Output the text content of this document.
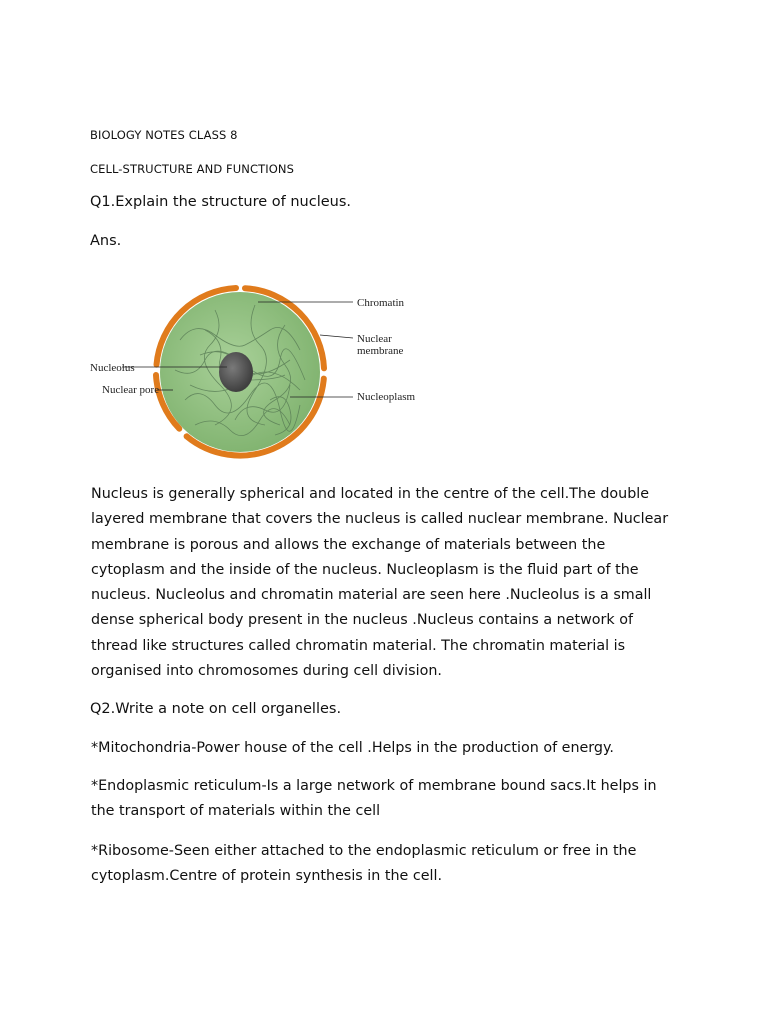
BIOLOGY NOTES CLASS 8

CELL-STRUCTURE AND FUNCTIONS

Q1.Explain the structure of nucleus.

Ans.

Chromatin
Nuclear
membrane
Nucleolus
Nuclear pore
Nucleoplasm
Nucleus is generally spherical and located in the centre of the cell.The double
layered membrane that covers the nucleus is called nuclear membrane. Nuclear
membrane is porous and allows the exchange of materials between the
cytoplasm and the inside of the nucleus. Nucleoplasm is the fluid part of the
nucleus. Nucleolus and chromatin material are seen here .Nucleolus is a small
dense spherical body present in the nucleus .Nucleus contains a network of
thread like structures called chromatin material. The chromatin material is
organised into chromosomes during cell division.

Q2.Write a note on cell organelles.

*Mitochondria-Power house of the cell .Helps in the production of energy.
*Endoplasmic reticulum-Is a large network of membrane bound sacs.It helps in
the transport of materials within the cell
*Ribosome-Seen either attached to the endoplasmic reticulum or free in the
cytoplasm.Centre of protein synthesis in the cell.
